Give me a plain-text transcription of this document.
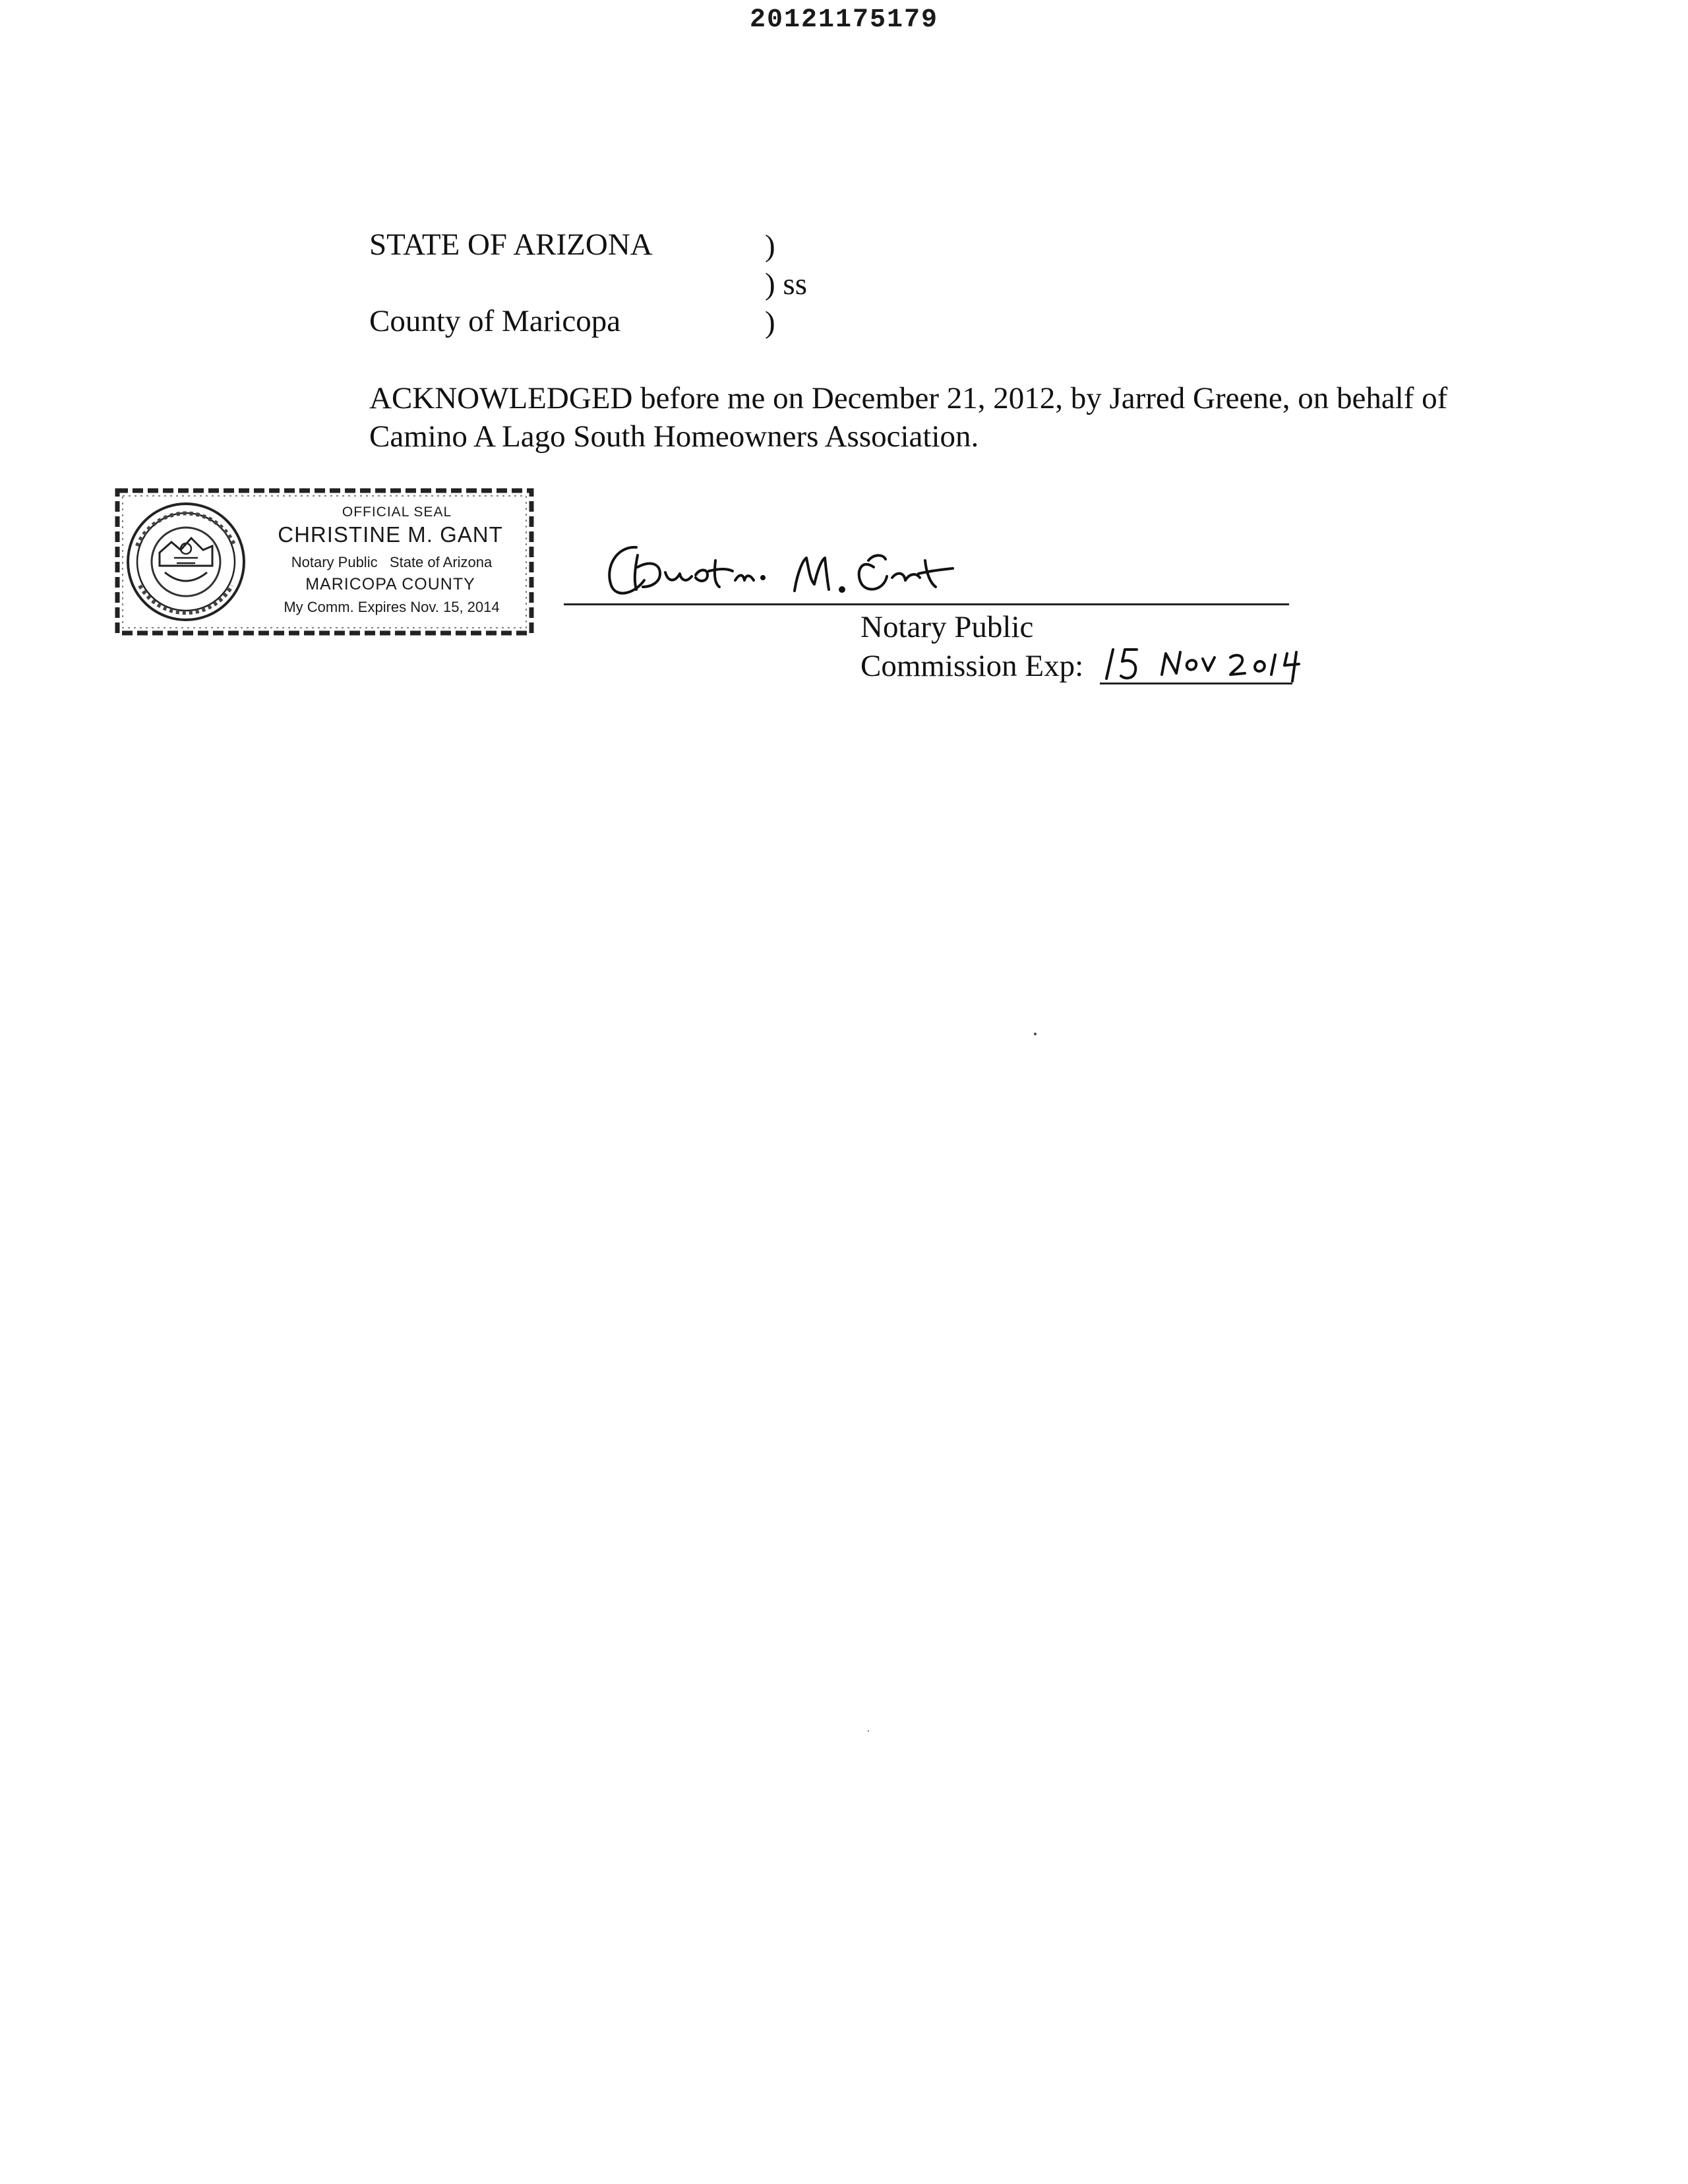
20121175179
STATE OF ARIZONA	)
) ss
County of Maricopa	)

ACKNOWLEDGED before me on December 21, 2012, by Jarred Greene, on behalf of

Camino A Lago South Homeowners Association.

OFFICIAL SEAL
CHRISTINE M. GANT
Notary Public   State of Arizona
MARICOPA COUNTY
My Comm. Expires Nov. 15, 2014
Notary Public
Commission Exp:
